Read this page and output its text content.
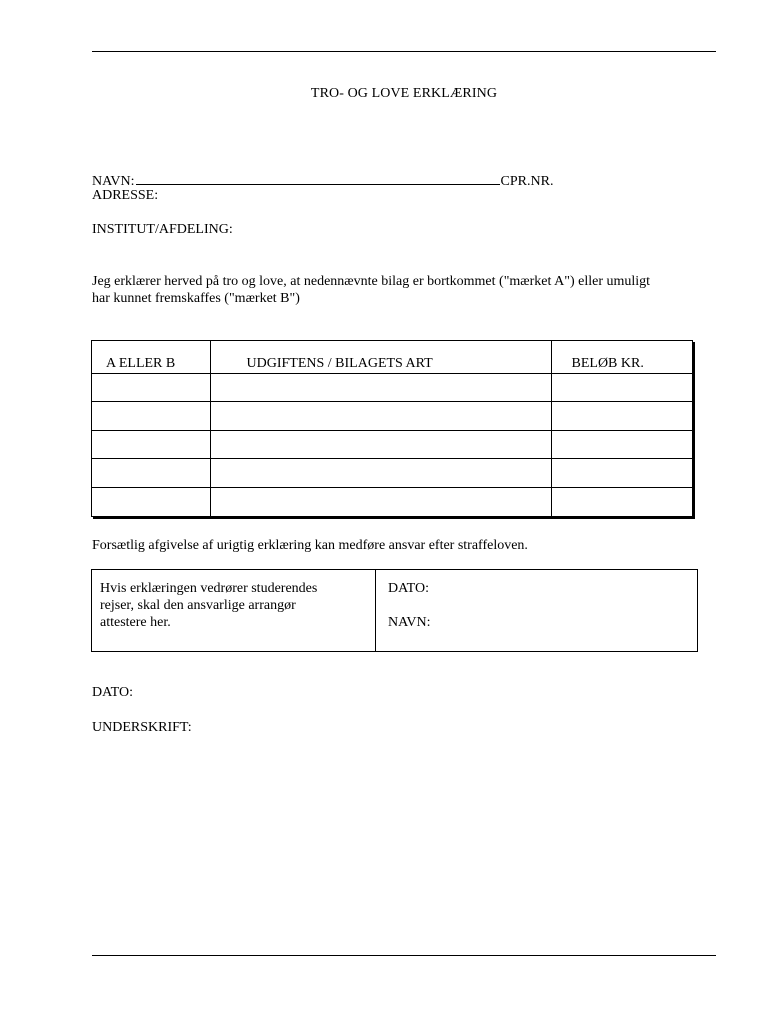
TRO- OG LOVE ERKLÆRING
NAVN:	CPR.NR.
ADRESSE:
INSTITUT/AFDELING:
Jeg erklærer herved på tro og love, at nedennævnte bilag er bortkommet ("mærket A") eller umuligt
har kunnet fremskaffes ("mærket B")
A ELLER B	UDGIFTENS / BILAGETS ART	BELØB KR.

Forsætlig afgivelse af urigtig erklæring kan medføre ansvar efter straffeloven.
Hvis erklæringen vedrører studerendes
rejser, skal den ansvarlige arrangør
attestere her.
DATO:
NAVN:
DATO:
UNDERSKRIFT:
